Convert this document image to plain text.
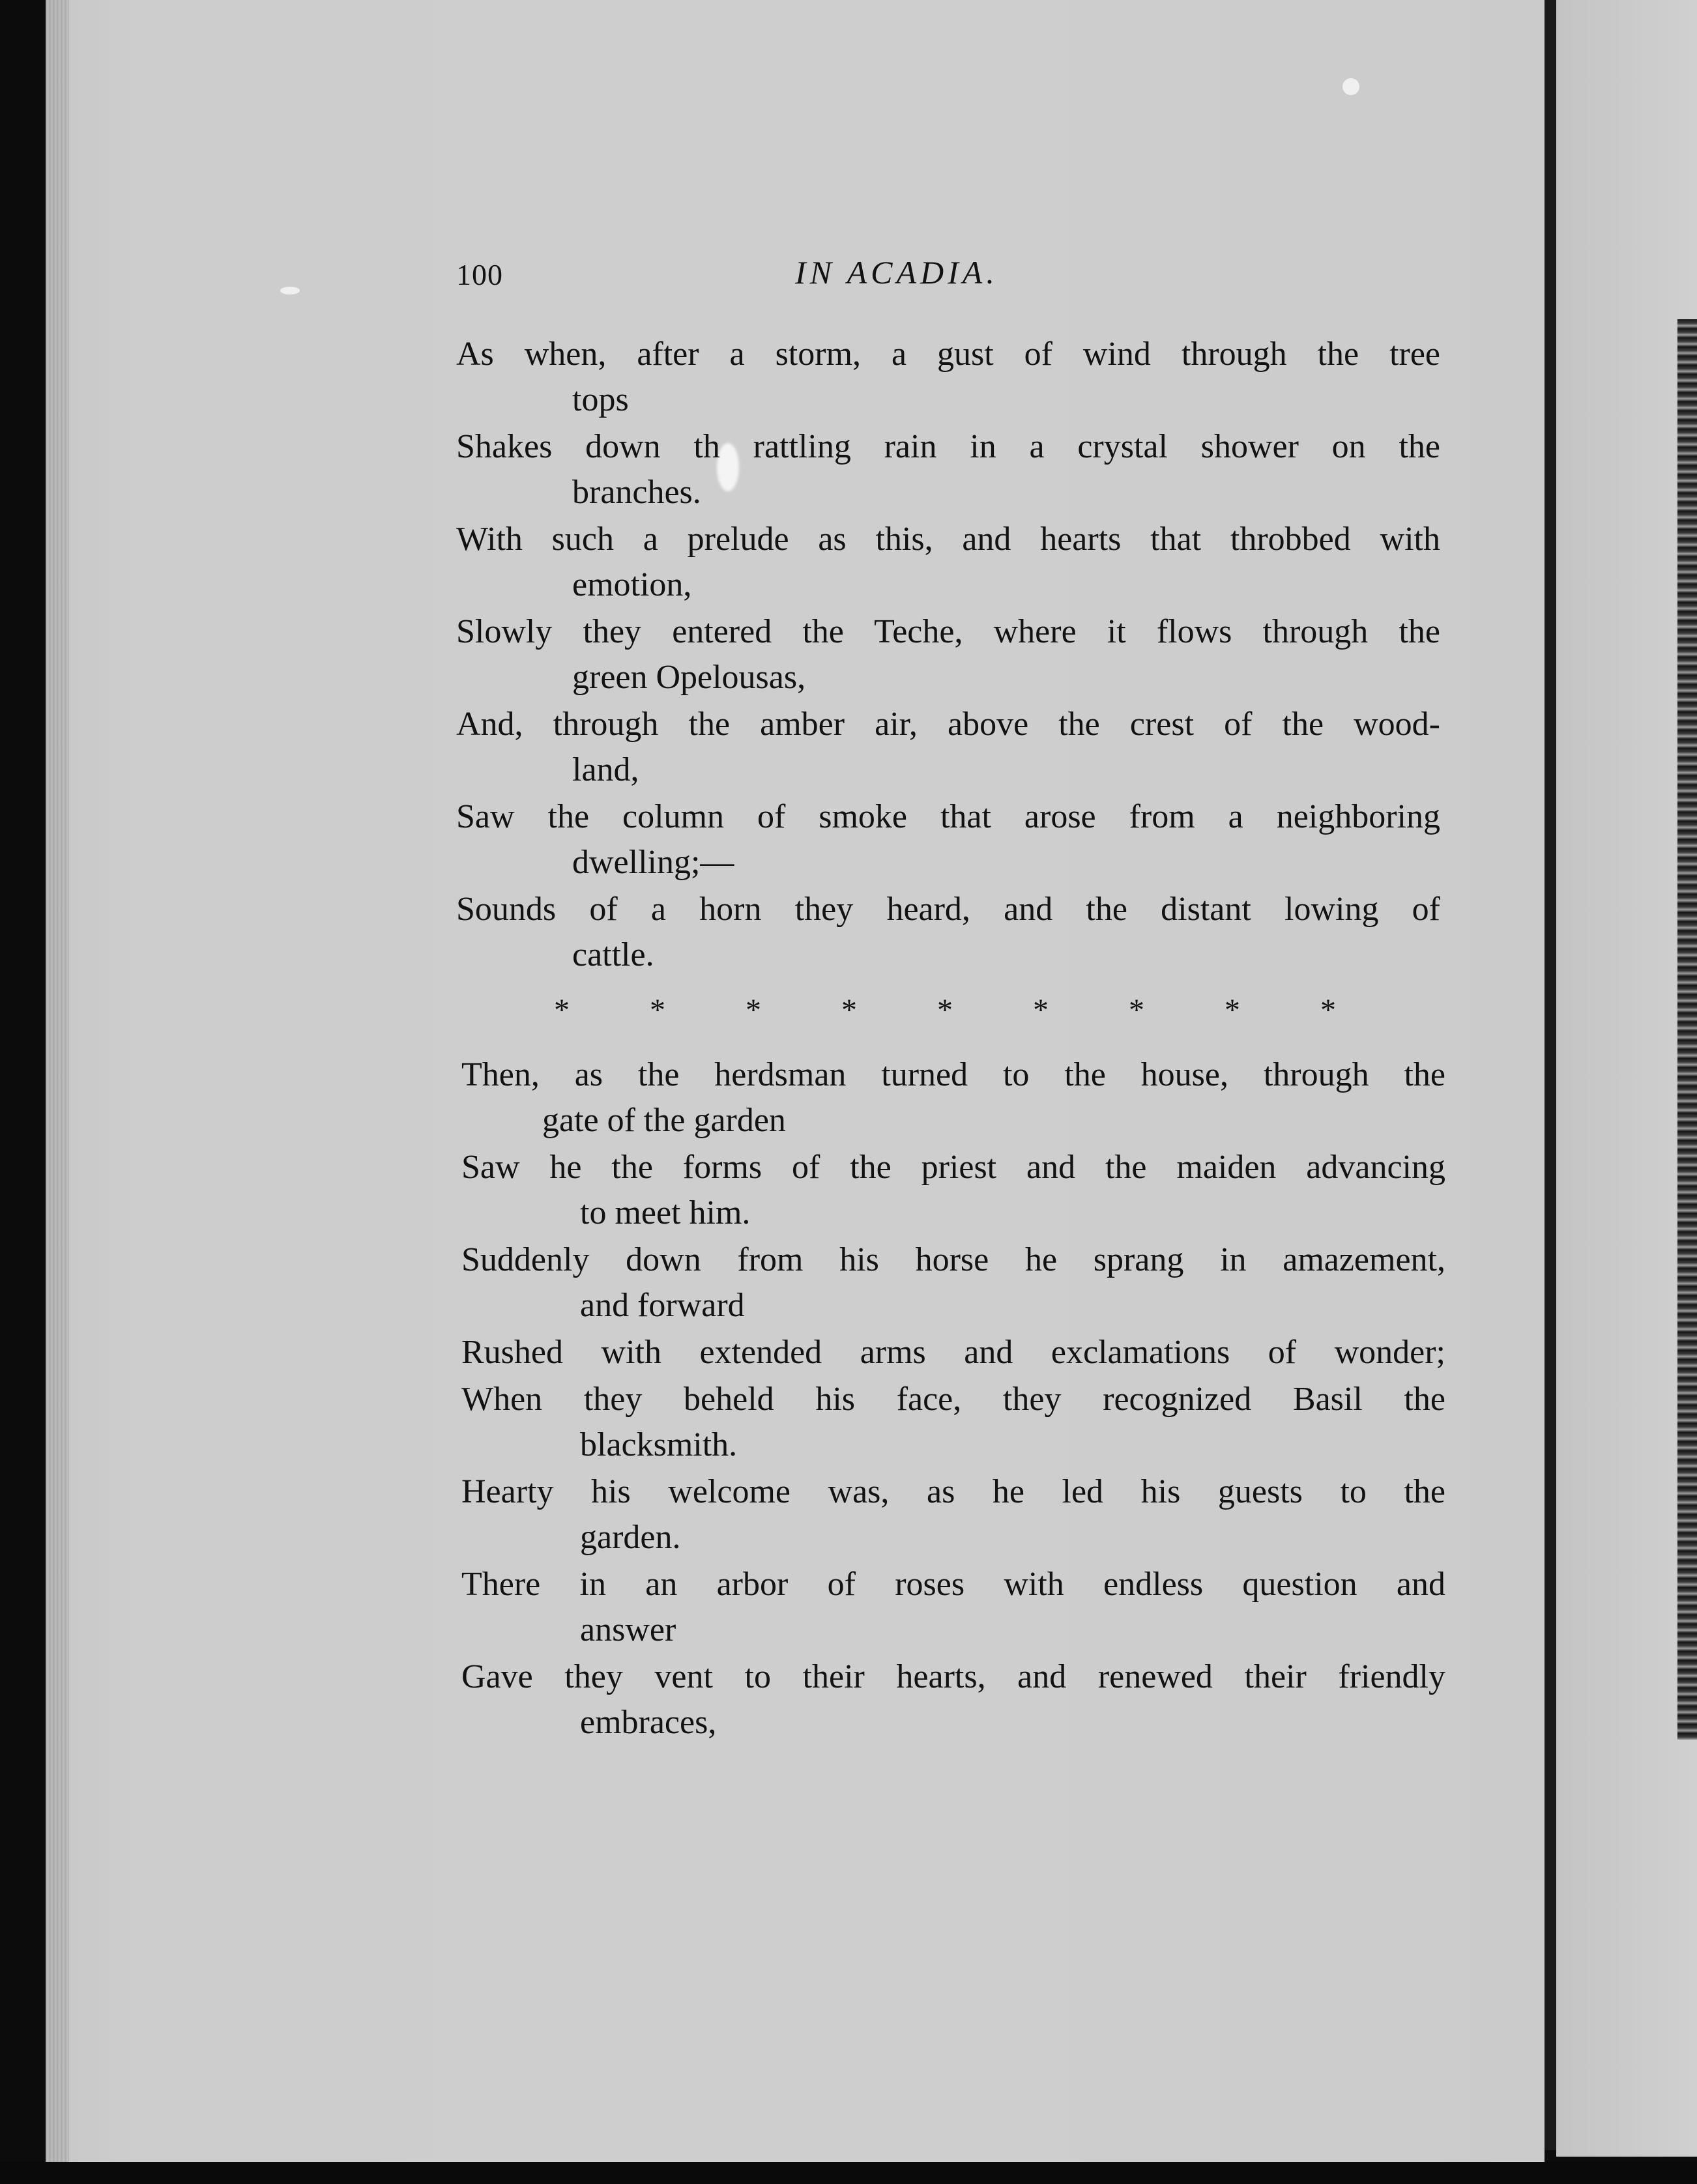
100	IN ACADIA.
As when, after a storm, a gust of wind through the tree
tops
Shakes down th rattling rain in a crystal shower on the
branches.
With such a prelude as this, and hearts that throbbed with
emotion,
Slowly they entered the Teche, where it flows through the
green Opelousas,
And, through the amber air, above the crest of the wood-
land,
Saw the column of smoke that arose from a neighboring
dwelling;—
Sounds of a horn they heard, and the distant lowing of
cattle.
*	*	*	*	*	*	*	*	*
Then, as the herdsman turned to the house, through the
gate of the garden
Saw he the forms of the priest and the maiden advancing
to meet him.
Suddenly down from his horse he sprang in amazement,
and forward
Rushed with extended arms and exclamations of wonder;
When they beheld his face, they recognized Basil the
blacksmith.
Hearty his welcome was, as he led his guests to the
garden.
There in an arbor of roses with endless question and
answer
Gave they vent to their hearts, and renewed their friendly
embraces,
